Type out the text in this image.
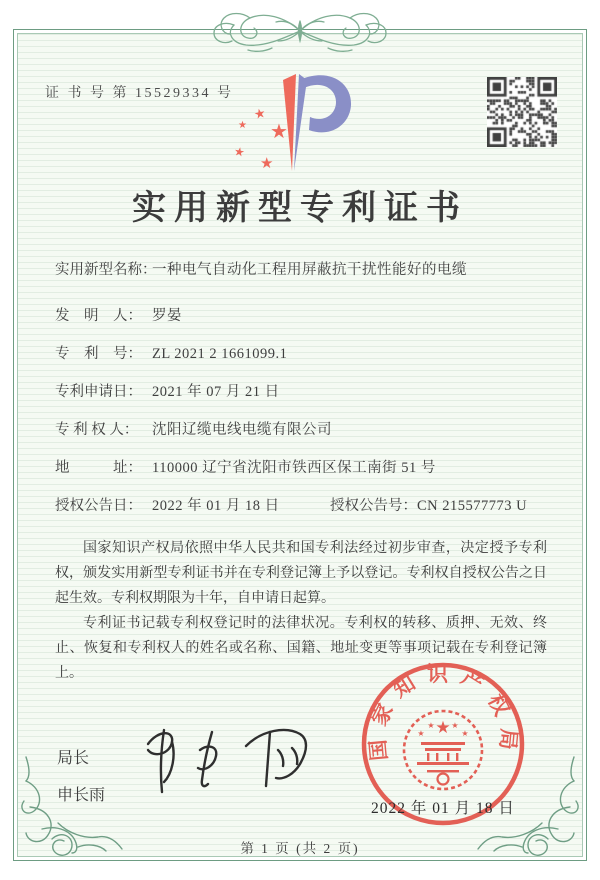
证 书 号 第 15529334 号
★
★
★
★
★
实用新型专利证书
实用新型名称：一种电气自动化工程用屏蔽抗干扰性能好的电缆
发　明　人： 罗晏
专　利　号： ZL 2021 2 1661099.1
专利申请日： 2021 年 07 月 21 日
专 利 权 人： 沈阳辽缆电线电缆有限公司
地　　　址： 110000 辽宁省沈阳市铁西区保工南街 51 号
授权公告日： 2022 年 01 月 18 日	授权公告号：CN 215577773 U

国家知识产权局依照中华人民共和国专利法经过初步审查，决定授予专利权，颁发实用新型专利证书并在专利登记簿上予以登记。专利权自授权公告之日起生效。专利权期限为十年，自申请日起算。

专利证书记载专利权登记时的法律状况。专利权的转移、质押、无效、终止、恢复和专利权人的姓名或名称、国籍、地址变更等事项记载在专利登记簿上。

局长
申长雨
国家知识产权局
★
★
★ ★
★
2022 年 01 月 18 日
第 1 页 (共 2 页)
